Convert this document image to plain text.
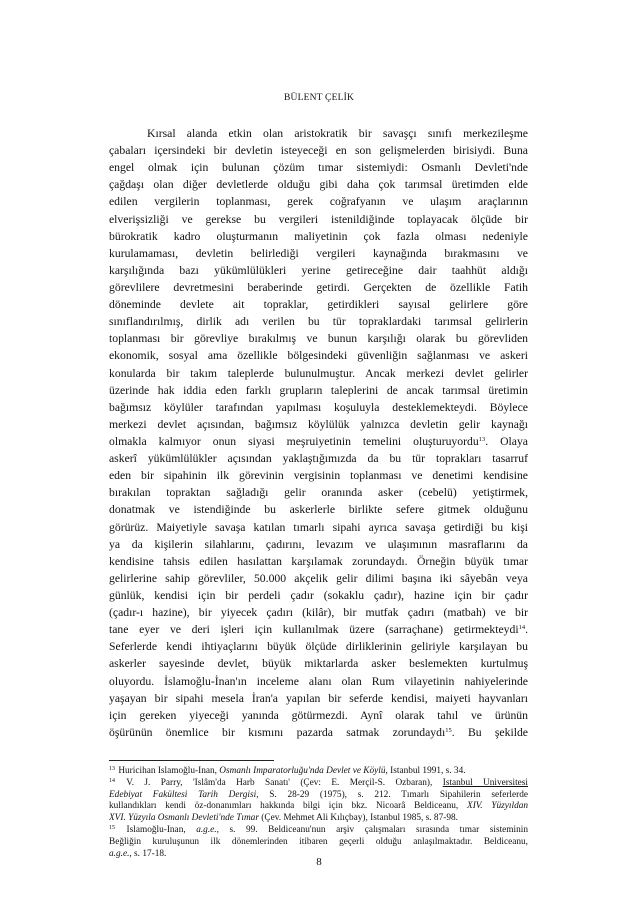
BÜLENT ÇELİK
Kırsal alanda etkin olan aristokratik bir savaşçı sınıfı merkezileşme
çabaları içersindeki bir devletin isteyeceği en son gelişmelerden birisiydi. Buna
engel olmak için bulunan çözüm tımar sistemiydi: Osmanlı Devleti'nde
çağdaşı olan diğer devletlerde olduğu gibi daha çok tarımsal üretimden elde
edilen vergilerin toplanması, gerek coğrafyanın ve ulaşım araçlarının
elverişsizliği ve gerekse bu vergileri istenildiğinde toplayacak ölçüde bir
bürokratik kadro oluşturmanın maliyetinin çok fazla olması nedeniyle
kurulamaması, devletin belirlediği vergileri kaynağında bırakmasını ve
karşılığında bazı yükümlülükleri yerine getireceğine dair taahhüt aldığı
görevlilere devretmesini beraberinde getirdi. Gerçekten de özellikle Fatih
döneminde devlete ait topraklar, getirdikleri sayısal gelirlere göre
sınıflandırılmış, dirlik adı verilen bu tür topraklardaki tarımsal gelirlerin
toplanması bir görevliye bırakılmış ve bunun karşılığı olarak bu görevliden
ekonomik, sosyal ama özellikle bölgesindeki güvenliğin sağlanması ve askeri
konularda bir takım taleplerde bulunulmuştur. Ancak merkezi devlet gelirler
üzerinde hak iddia eden farklı grupların taleplerini de ancak tarımsal üretimin
bağımsız köylüler tarafından yapılması koşuluyla desteklemekteydi. Böylece
merkezi devlet açısından, bağımsız köylülük yalnızca devletin gelir kaynağı
olmakla kalmıyor onun siyasi meşruiyetinin temelini oluşturuyordu$^{13}$. Olaya
askerî yükümlülükler açısından yaklaştığımızda da bu tür toprakları tasarruf
eden bir sipahinin ilk görevinin vergisinin toplanması ve denetimi kendisine
bırakılan topraktan sağladığı gelir oranında asker (cebelü) yetiştirmek,
donatmak ve istendiğinde bu askerlerle birlikte sefere gitmek olduğunu
görürüz. Maiyetiyle savaşa katılan tımarlı sipahi ayrıca savaşa getirdiği bu kişi
ya da kişilerin silahlarını, çadırını, levazım ve ulaşımının masraflarını da
kendisine tahsis edilen hasılattan karşılamak zorundaydı. Örneğin büyük tımar
gelirlerine sahip görevliler, 50.000 akçelik gelir dilimi başına iki sâyebân veya
günlük, kendisi için bir perdeli çadır (sokaklu çadır), hazine için bir çadır
(çadır-ı hazine), bir yiyecek çadırı (kilâr), bir mutfak çadırı (matbah) ve bir
tane eyer ve deri işleri için kullanılmak üzere (sarraçhane) getirmekteydi$^{14}$.
Seferlerde kendi ihtiyaçlarını büyük ölçüde dirliklerinin geliriyle karşılayan bu
askerler sayesinde devlet, büyük miktarlarda asker beslemekten kurtulmuş
oluyordu. İslamoğlu-İnan'ın inceleme alanı olan Rum vilayetinin nahiyelerinde
yaşayan bir sipahi mesela İran'a yapılan bir seferde kendisi, maiyeti hayvanları
için gereken yiyeceği yanında götürmezdi. Aynî olarak tahıl ve ürünün
öşürünün önemlice bir kısmını pazarda satmak zorundaydı$^{15}$. Bu şekilde
$^{13}$ Huricihan İslamoğlu-İnan, Osmanlı İmparatorluğu'nda Devlet ve Köylü, İstanbul 1991, s. 34.
$^{14}$ V. J. Parry, 'İslâm'da Harb Sanatı' (Çev: E. Merçil-S. Özbaran), İstanbul Üniversitesi
Edebiyat Fakültesi Tarih Dergisi, S. 28-29 (1975), s. 212. Tımarlı Sipahilerin seferlerde
kullandıkları kendi öz-donanımları hakkında bilgi için bkz. Nicoarâ Beldiceanu, XIV. Yüzyıldan
XVI. Yüzyıla Osmanlı Devleti'nde Tımar (Çev. Mehmet Ali Kılıçbay), İstanbul 1985, s. 87-98.
$^{15}$ İslamoğlu-İnan, a.g.e., s. 99. Beldiceanu'nun arşiv çalışmaları sırasında tımar sisteminin
Beğliğin kuruluşunun ilk dönemlerinden itibaren geçerli olduğu anlaşılmaktadır. Beldiceanu,
a.g.e., s. 17-18.
8
